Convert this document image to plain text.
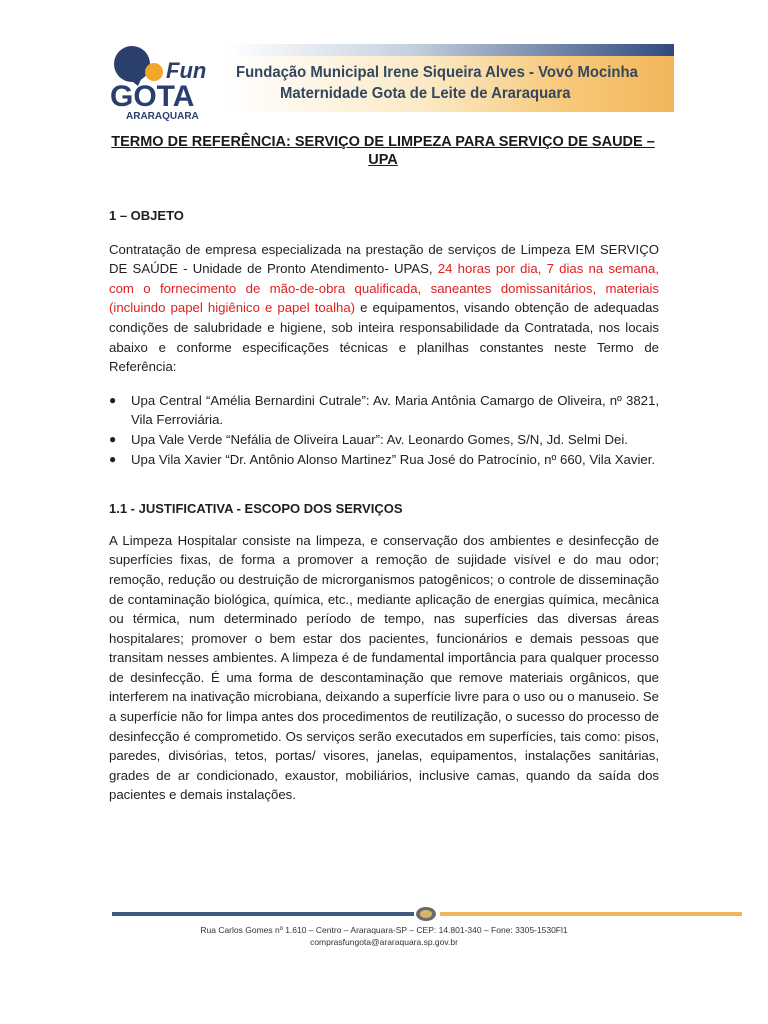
Fun
GOTA
ARARAQUARA
Fundação Municipal Irene Siqueira Alves - Vovó Mocinha
Maternidade Gota de Leite de Araraquara
TERMO DE REFERÊNCIA: SERVIÇO DE LIMPEZA PARA SERVIÇO DE SAUDE – UPA

1 – OBJETO

Contratação de empresa especializada na prestação de serviços de Limpeza EM SERVIÇO DE SAÚDE - Unidade de Pronto Atendimento- UPAS, 24 horas por dia, 7 dias na semana, com o fornecimento de mão-de-obra qualificada, saneantes domissanitários, materiais (incluindo papel higiênico e papel toalha) e equipamentos, visando obtenção de adequadas condições de salubridade e higiene, sob inteira responsabilidade da Contratada, nos locais abaixo e conforme especificações técnicas e planilhas constantes neste Termo de Referência:

● Upa Central “Amélia Bernardini Cutrale”: Av. Maria Antônia Camargo de Oliveira, nº 3821, Vila Ferroviária.
● Upa Vale Verde “Nefália de Oliveira Lauar”: Av. Leonardo Gomes, S/N, Jd. Selmi Dei.
● Upa Vila Xavier “Dr. Antônio Alonso Martinez” Rua José do Patrocínio, nº 660, Vila Xavier.

1.1 - JUSTIFICATIVA - ESCOPO DOS SERVIÇOS

A Limpeza Hospitalar consiste na limpeza, e conservação dos ambientes e desinfecção de superfícies fixas, de forma a promover a remoção de sujidade visível e do mau odor; remoção, redução ou destruição de microrganismos patogênicos; o controle de disseminação de contaminação biológica, química, etc., mediante aplicação de energias química, mecânica ou térmica, num determinado período de tempo, nas superfícies das diversas áreas hospitalares; promover o bem estar dos pacientes, funcionários e demais pessoas que transitam nesses ambientes. A limpeza é de fundamental importância para qualquer processo de desinfecção. É uma forma de descontaminação que remove materiais orgânicos, que interferem na inativação microbiana, deixando a superfície livre para o uso ou o manuseio. Se a superfície não for limpa antes dos procedimentos de reutilização, o sucesso do processo de desinfecção é comprometido. Os serviços serão executados em superfícies, tais como: pisos, paredes, divisórias, tetos, portas/ visores, janelas, equipamentos, instalações sanitárias, grades de ar condicionado, exaustor, mobiliários, inclusive camas, quando da saída dos pacientes e demais instalações.

Rua Carlos Gomes nº 1.610 – Centro – Araraquara-SP – CEP: 14.801-340 – Fone: 3305-1530Fl1
comprasfungota@araraquara.sp.gov.br
